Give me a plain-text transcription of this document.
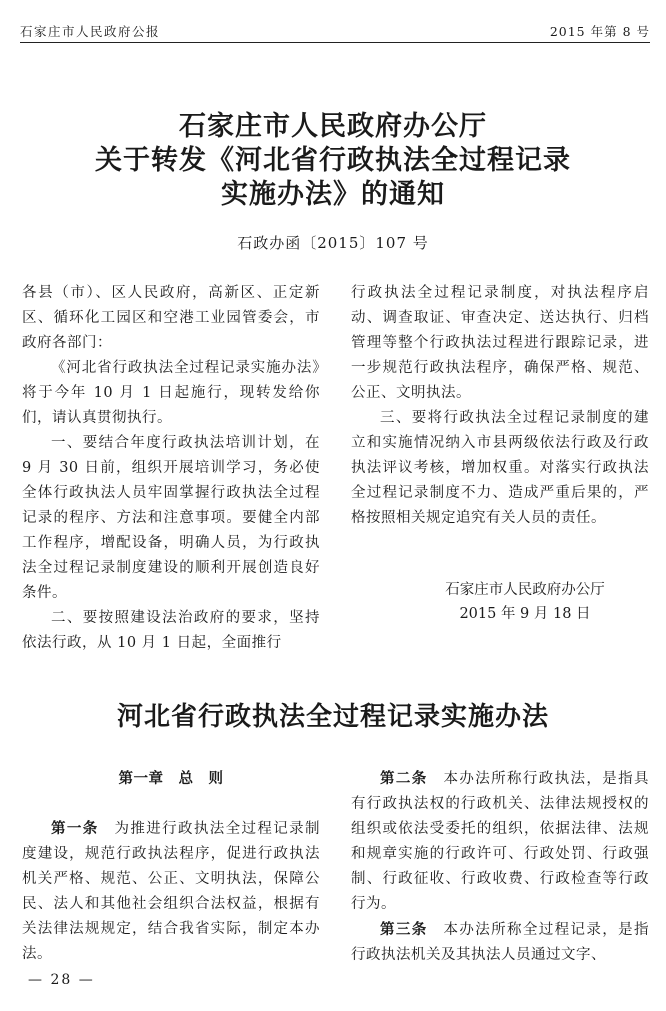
石家庄市人民政府公报	2015 年第 8 号
石家庄市人民政府办公厅
关于转发《河北省行政执法全过程记录
实施办法》的通知
石政办函〔2015〕107 号

各县（市）、区人民政府，高新区、正定新区、循环化工园区和空港工业园管委会，市政府各部门：

《河北省行政执法全过程记录实施办法》将于今年 10 月 1 日起施行，现转发给你们，请认真贯彻执行。

一、要结合年度行政执法培训计划，在 9 月 30 日前，组织开展培训学习，务必使全体行政执法人员牢固掌握行政执法全过程记录的程序、方法和注意事项。要健全内部工作程序，增配设备，明确人员，为行政执法全过程记录制度建设的顺利开展创造良好条件。

二、要按照建设法治政府的要求，坚持依法行政，从 10 月 1 日起，全面推行

行政执法全过程记录制度，对执法程序启动、调查取证、审查决定、送达执行、归档管理等整个行政执法过程进行跟踪记录，进一步规范行政执法程序，确保严格、规范、公正、文明执法。

三、要将行政执法全过程记录制度的建立和实施情况纳入市县两级依法行政及行政执法评议考核，增加权重。对落实行政执法全过程记录制度不力、造成严重后果的，严格按照相关规定追究有关人员的责任。

石家庄市人民政府办公厅
2015 年 9 月 18 日
河北省行政执法全过程记录实施办法

第一章　总　则

第一条　 为推进行政执法全过程记录制度建设，规范行政执法程序，促进行政执法机关严格、规范、公正、文明执法，保障公民、法人和其他社会组织合法权益，根据有关法律法规规定，结合我省实际，制定本办法。

第二条　 本办法所称行政执法，是指具有行政执法权的行政机关、法律法规授权的组织或依法受委托的组织，依据法律、法规和规章实施的行政许可、行政处罚、行政强制、行政征收、行政收费、行政检查等行政行为。

第三条　 本办法所称全过程记录，是指行政执法机关及其执法人员通过文字、

— 28 —
